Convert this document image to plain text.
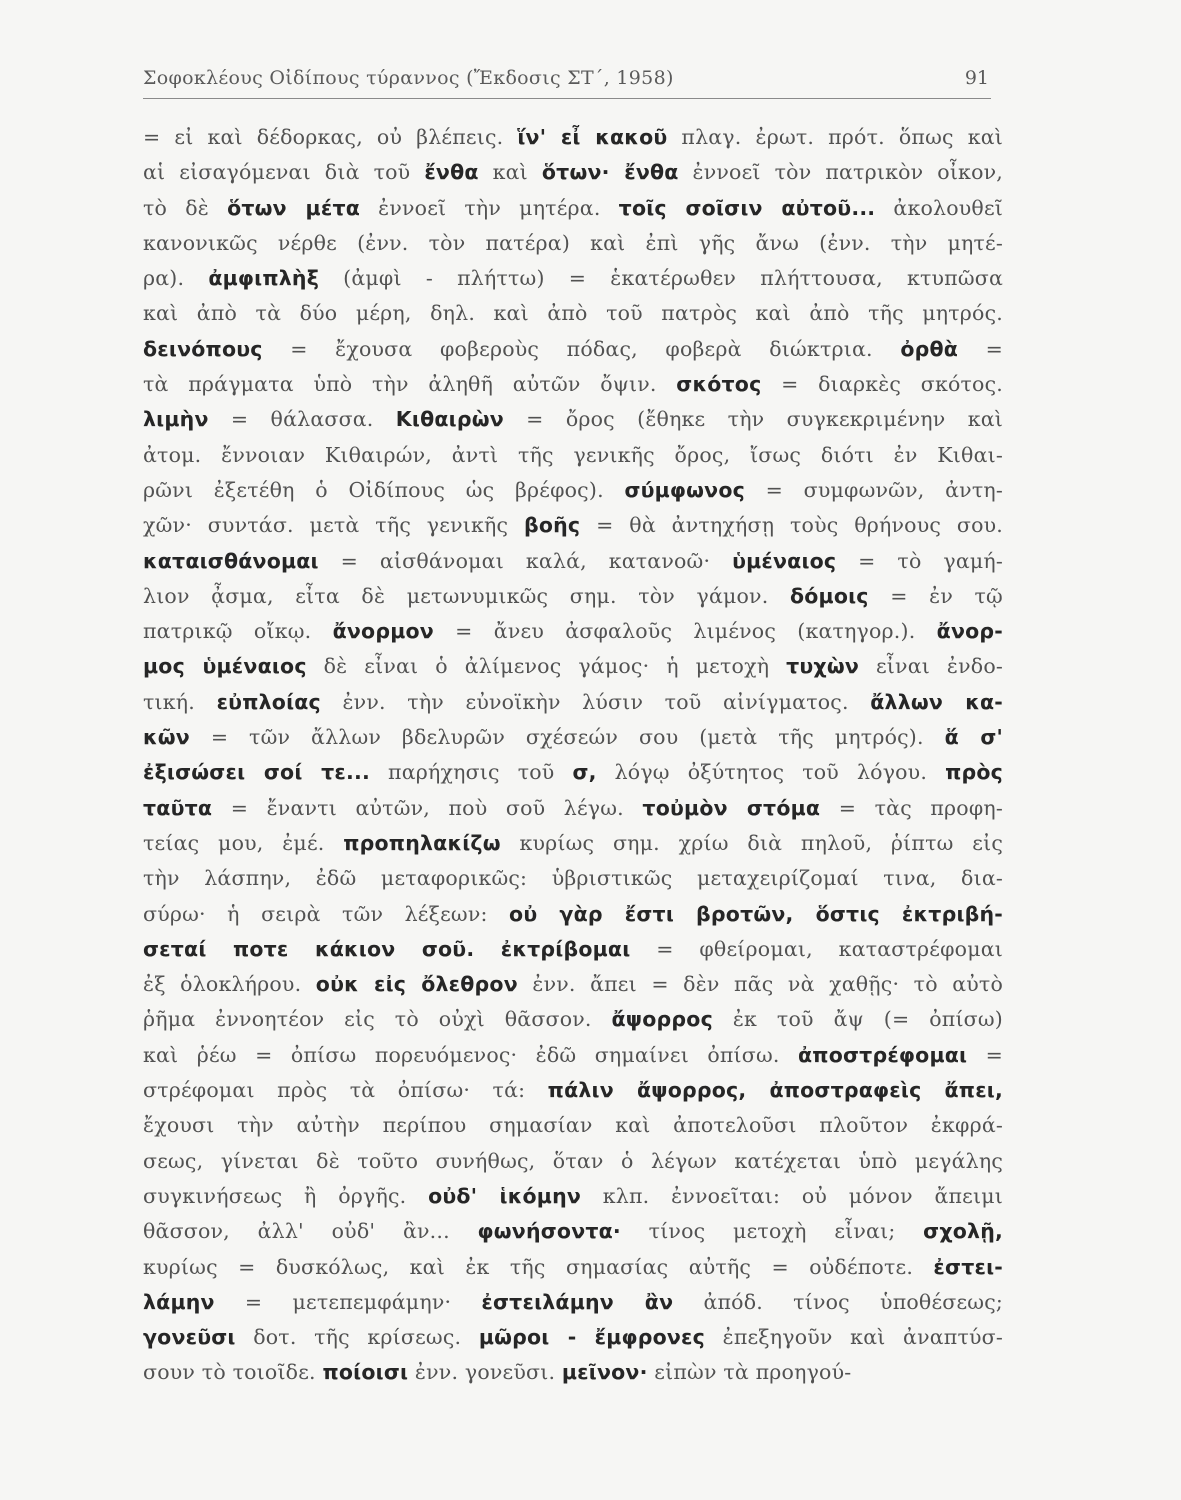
Σοφοκλέους Οἰδίπους τύραννος (Ἔκδοσις ΣΤ΄, 1958)	91
= εἰ καὶ δέδορκας, οὐ βλέπεις. ἵν' εἶ κακοῦ πλαγ. ἐρωτ. πρότ. ὅπως καὶ
αἱ εἰσαγόμεναι διὰ τοῦ ἔνθα καὶ ὅτων· ἔνθα ἐννοεῖ τὸν πατρικὸν οἶκον,
τὸ δὲ ὅτων μέτα ἐννοεῖ τὴν μητέρα. τοῖς σοῖσιν αὐτοῦ... ἀκολουθεῖ
κανονικῶς νέρθε (ἐνν. τὸν πατέρα) καὶ ἐπὶ γῆς ἄνω (ἐνν. τὴν μητέ-
ρα). ἀμφιπλὴξ (ἀμφὶ - πλήττω) = ἑκατέρωθεν πλήττουσα, κτυπῶσα
καὶ ἀπὸ τὰ δύο μέρη, δηλ. καὶ ἀπὸ τοῦ πατρὸς καὶ ἀπὸ τῆς μητρός.
δεινόπους = ἔχουσα φοβεροὺς πόδας, φοβερὰ διώκτρια. ὀρθὰ =
τὰ πράγματα ὑπὸ τὴν ἀληθῆ αὐτῶν ὄψιν. σκότος = διαρκὲς σκότος.
λιμὴν = θάλασσα. Κιθαιρὼν = ὄρος (ἔθηκε τὴν συγκεκριμένην καὶ
ἀτομ. ἔννοιαν Κιθαιρών, ἀντὶ τῆς γενικῆς ὄρος, ἴσως διότι ἐν Κιθαι-
ρῶνι ἐξετέθη ὁ Οἰδίπους ὡς βρέφος). σύμφωνος = συμφωνῶν, ἀντη-
χῶν· συντάσ. μετὰ τῆς γενικῆς βοῆς = θὰ ἀντηχήσῃ τοὺς θρήνους σου.
καταισθάνομαι = αἰσθάνομαι καλά, κατανοῶ· ὑμέναιος = τὸ γαμή-
λιον ᾆσμα, εἶτα δὲ μετωνυμικῶς σημ. τὸν γάμον. δόμοις = ἐν τῷ
πατρικῷ οἴκῳ. ἄνορμον = ἄνευ ἀσφαλοῦς λιμένος (κατηγορ.). ἄνορ-
μος ὑμέναιος δὲ εἶναι ὁ ἀλίμενος γάμος· ἡ μετοχὴ τυχὼν εἶναι ἐνδο-
τική. εὐπλοίας ἐνν. τὴν εὐνοϊκὴν λύσιν τοῦ αἰνίγματος. ἄλλων κα-
κῶν = τῶν ἄλλων βδελυρῶν σχέσεών σου (μετὰ τῆς μητρός). ἅ σ'
ἐξισώσει σοί τε... παρήχησις τοῦ σ, λόγῳ ὀξύτητος τοῦ λόγου. πρὸς
ταῦτα = ἔναντι αὐτῶν, ποὺ σοῦ λέγω. τοὐμὸν στόμα = τὰς προφη-
τείας μου, ἐμέ. προπηλακίζω κυρίως σημ. χρίω διὰ πηλοῦ, ῥίπτω εἰς
τὴν λάσπην, ἐδῶ μεταφορικῶς: ὑβριστικῶς μεταχειρίζομαί τινα, δια-
σύρω· ἡ σειρὰ τῶν λέξεων: οὐ γὰρ ἔστι βροτῶν, ὅστις ἐκτριβή-
σεταί ποτε κάκιον σοῦ. ἐκτρίβομαι = φθείρομαι, καταστρέφομαι
ἐξ ὁλοκλήρου. οὐκ εἰς ὄλεθρον ἐνν. ἄπει = δὲν πᾶς νὰ χαθῇς· τὸ αὐτὸ
ῥῆμα ἐννοητέον εἰς τὸ οὐχὶ θᾶσσον. ἄψορρος ἐκ τοῦ ἄψ (= ὀπίσω)
καὶ ῥέω = ὀπίσω πορευόμενος· ἐδῶ σημαίνει ὀπίσω. ἀποστρέφομαι =
στρέφομαι πρὸς τὰ ὀπίσω· τά: πάλιν ἄψορρος, ἀποστραφεὶς ἄπει,
ἔχουσι τὴν αὐτὴν περίπου σημασίαν καὶ ἀποτελοῦσι πλοῦτον ἐκφρά-
σεως, γίνεται δὲ τοῦτο συνήθως, ὅταν ὁ λέγων κατέχεται ὑπὸ μεγάλης
συγκινήσεως ἢ ὀργῆς. οὐδ' ἱκόμην κλπ. ἐννοεῖται: οὐ μόνον ἄπειμι
θᾶσσον, ἀλλ' οὐδ' ἂν... φωνήσοντα· τίνος μετοχὴ εἶναι; σχολῇ,
κυρίως = δυσκόλως, καὶ ἐκ τῆς σημασίας αὐτῆς = οὐδέποτε. ἐστει-
λάμην = μετεπεμφάμην· ἐστειλάμην ἂν ἀπόδ. τίνος ὑποθέσεως;
γονεῦσι δοτ. τῆς κρίσεως. μῶροι - ἔμφρονες ἐπεξηγοῦν καὶ ἀναπτύσ-
σουν τὸ τοιοῖδε. ποίοισι ἐνν. γονεῦσι. μεῖνον· εἰπὼν τὰ προηγού-
